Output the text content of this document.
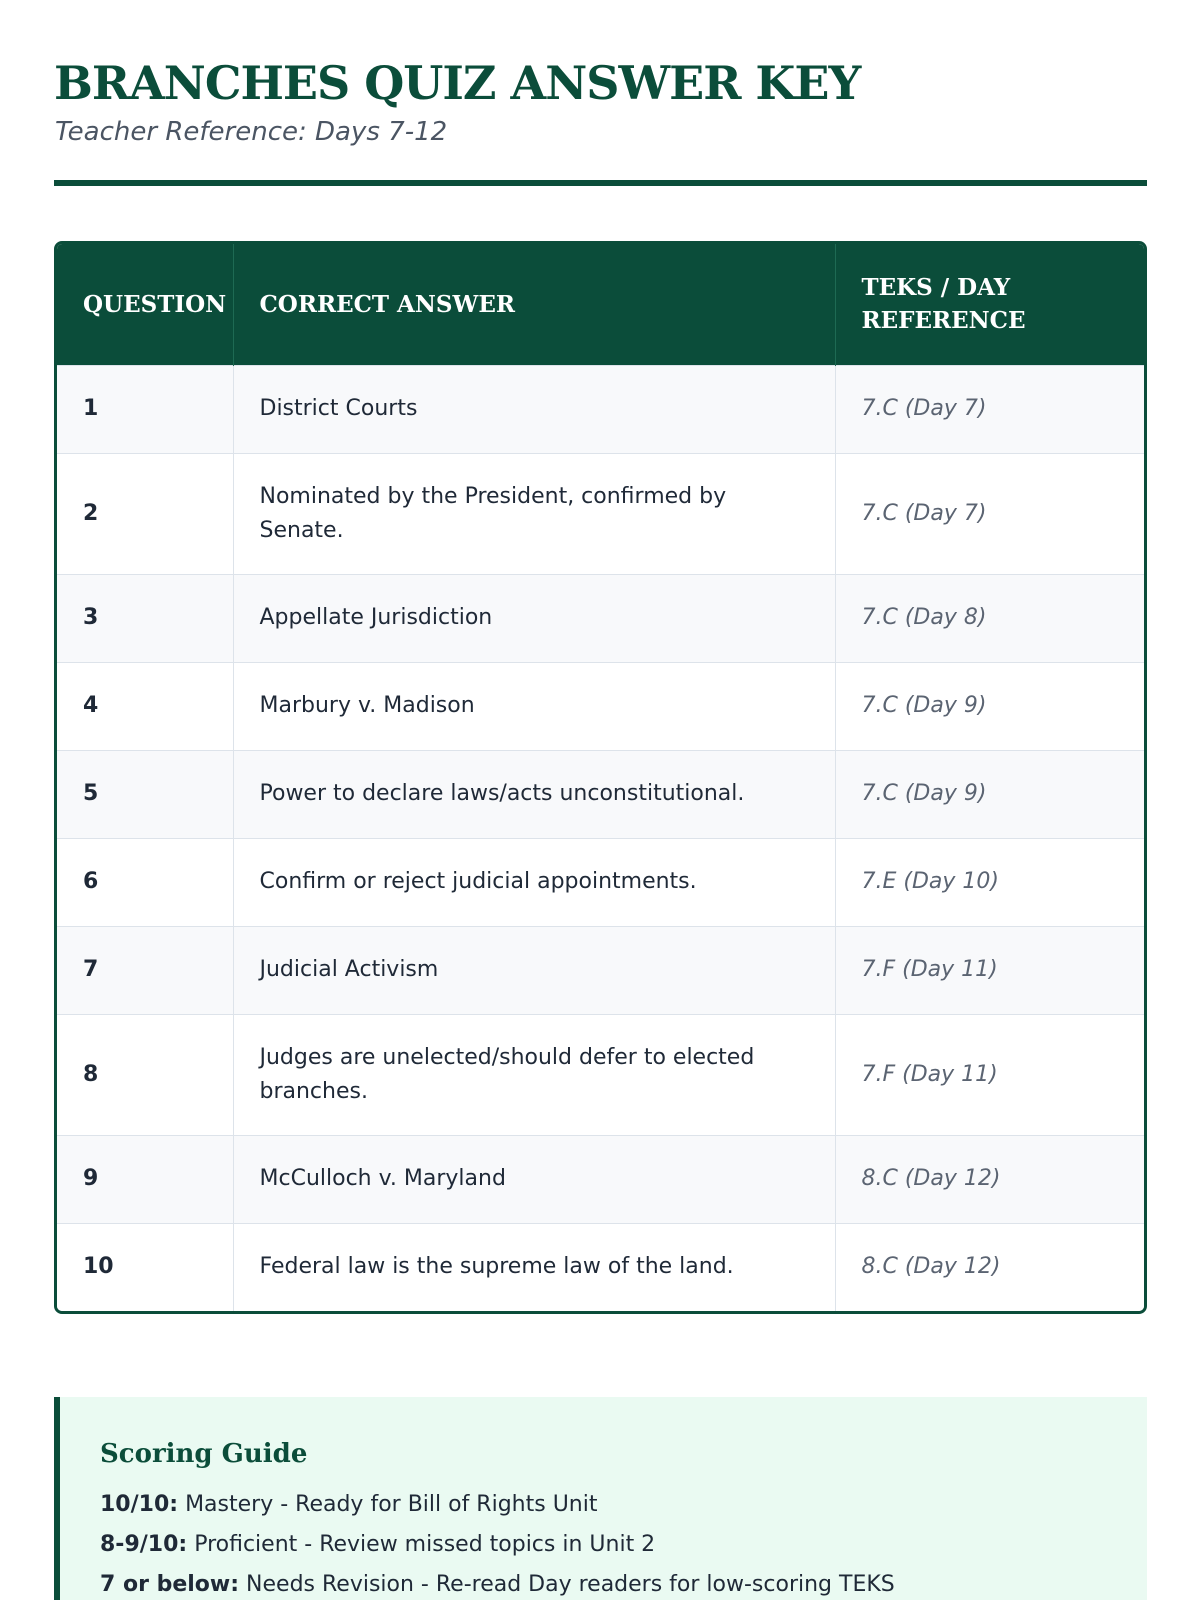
BRANCHES QUIZ ANSWER KEY
Teacher Reference: Days 7-12
QUESTION	CORRECT ANSWER	TEKS / DAY REFERENCE
1	District Courts	7.C (Day 7)
2	Nominated by the President, confirmed by Senate.	7.C (Day 7)
3	Appellate Jurisdiction	7.C (Day 8)
4	Marbury v. Madison	7.C (Day 9)
5	Power to declare laws/acts unconstitutional.	7.C (Day 9)
6	Confirm or reject judicial appointments.	7.E (Day 10)
7	Judicial Activism	7.F (Day 11)
8	Judges are unelected/should defer to elected branches.	7.F (Day 11)
9	McCulloch v. Maryland	8.C (Day 12)
10	Federal law is the supreme law of the land.	8.C (Day 12)
Scoring Guide
10/10: Mastery - Ready for Bill of Rights Unit
8-9/10: Proficient - Review missed topics in Unit 2
7 or below: Needs Revision - Re-read Day readers for low-scoring TEKS
